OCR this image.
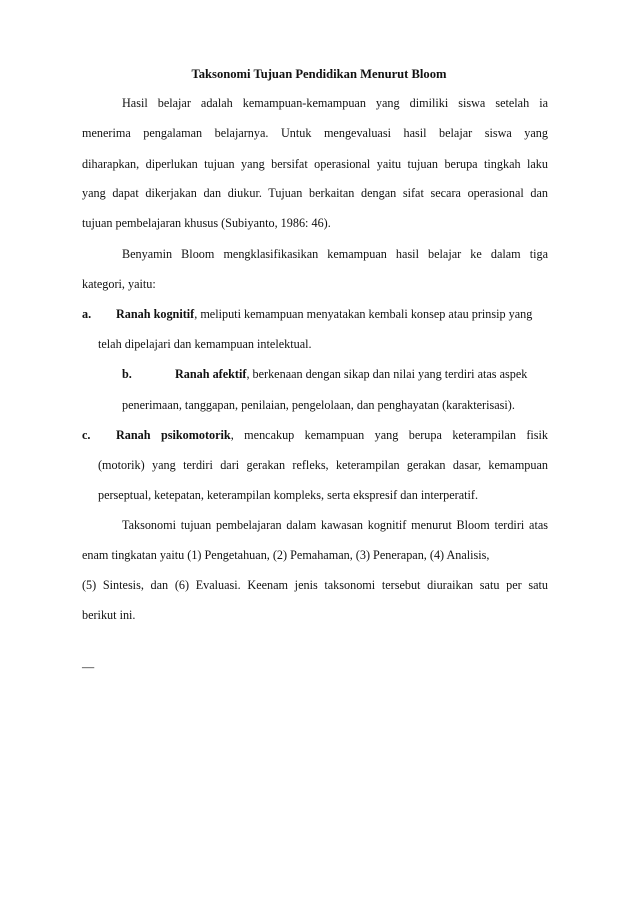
Taksonomi Tujuan Pendidikan Menurut Bloom
Hasil belajar adalah kemampuan-kemampuan yang dimiliki siswa setelah ia
menerima pengalaman belajarnya. Untuk mengevaluasi hasil belajar siswa yang
diharapkan, diperlukan tujuan yang bersifat operasional yaitu tujuan berupa tingkah laku
yang dapat dikerjakan dan diukur. Tujuan berkaitan dengan sifat secara operasional dan
tujuan pembelajaran khusus (Subiyanto, 1986: 46).
Benyamin Bloom mengklasifikasikan kemampuan hasil belajar ke dalam tiga
kategori, yaitu:
a. Ranah kognitif, meliputi kemampuan menyatakan kembali konsep atau prinsip yang
telah dipelajari dan kemampuan intelektual.
b.	Ranah afektif, berkenaan dengan sikap dan nilai yang terdiri atas aspek
penerimaan, tanggapan, penilaian, pengelolaan, dan penghayatan (karakterisasi).
c. Ranah psikomotorik, mencakup kemampuan yang berupa keterampilan fisik
(motorik) yang terdiri dari gerakan refleks, keterampilan gerakan dasar, kemampuan
perseptual, ketepatan, keterampilan kompleks, serta ekspresif dan interperatif.
Taksonomi tujuan pembelajaran dalam kawasan kognitif menurut Bloom terdiri atas
enam tingkatan yaitu (1) Pengetahuan, (2) Pemahaman, (3) Penerapan, (4) Analisis,
(5) Sintesis, dan (6) Evaluasi. Keenam jenis taksonomi tersebut diuraikan satu per satu
berikut ini.
—
